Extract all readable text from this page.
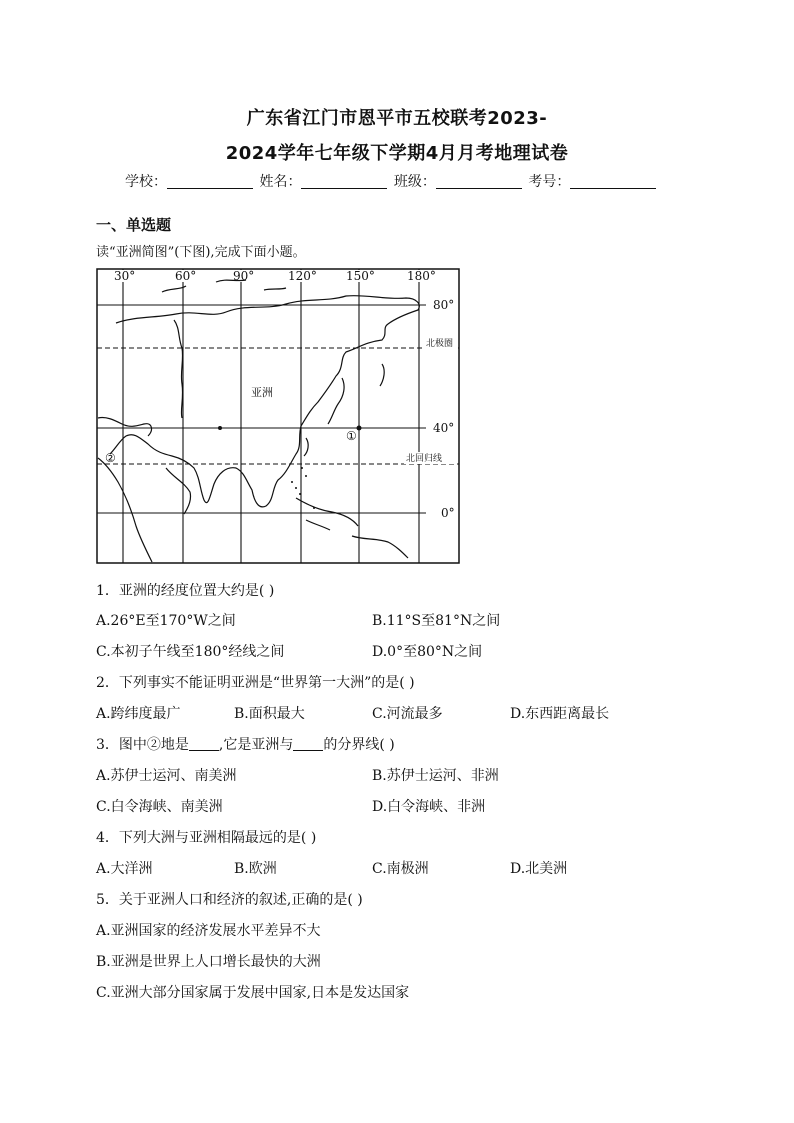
广东省江门市恩平市五校联考2023-
2024学年七年级下学期4月月考地理试卷
学校：	姓名：	班级：	考号：
一、单选题
读“亚洲简图”(下图),完成下面小题。
30°	60°	90°	120° 150°	180°
80°
40°
0°
北极圈
北回归线
亚洲
①
②
1．亚洲的经度位置大约是( )
A.26°E至170°W之间	B.11°S至81°N之间
C.本初子午线至180°经线之间	D.0°至80°N之间
2．下列事实不能证明亚洲是“世界第一大洲”的是( )
A.跨纬度最广	B.面积最大	C.河流最多	D.东西距离最长
3．图中②地是 ,它是亚洲与 的分界线( )
A.苏伊士运河、南美洲	B.苏伊士运河、非洲
C.白令海峡、南美洲	D.白令海峡、非洲
4．下列大洲与亚洲相隔最远的是( )
A.大洋洲	B.欧洲	C.南极洲	D.北美洲
5．关于亚洲人口和经济的叙述,正确的是( )
A.亚洲国家的经济发展水平差异不大
B.亚洲是世界上人口增长最快的大洲
C.亚洲大部分国家属于发展中国家,日本是发达国家
